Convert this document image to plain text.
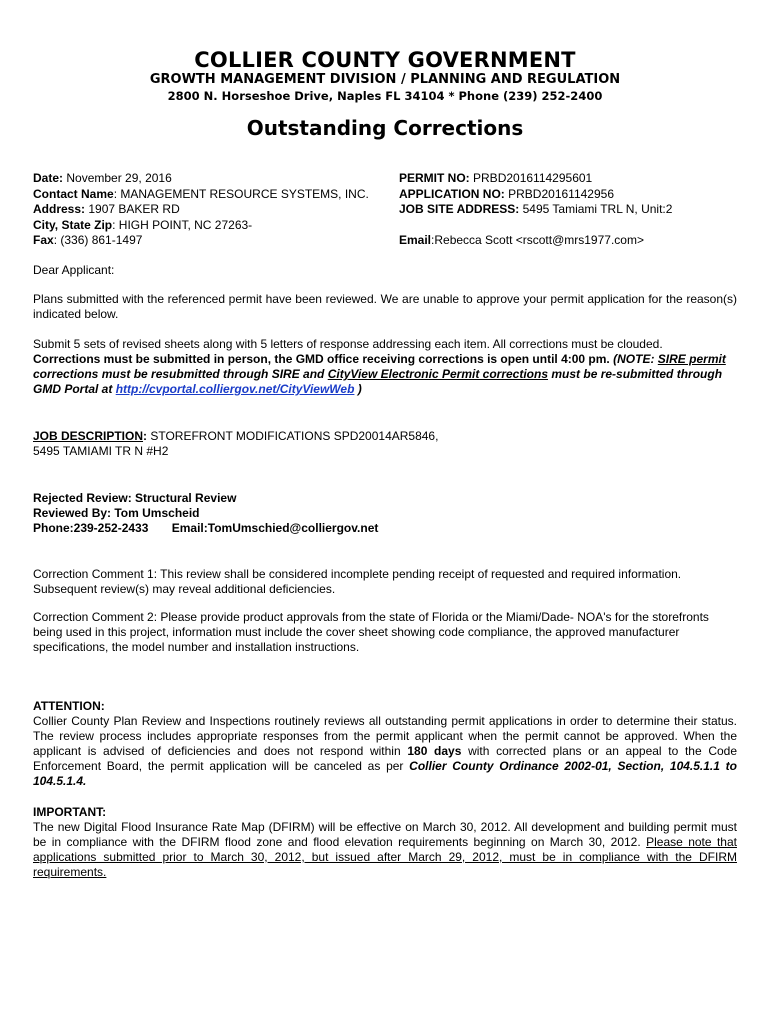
COLLIER COUNTY GOVERNMENT
GROWTH MANAGEMENT DIVISION / PLANNING AND REGULATION
2800 N. Horseshoe Drive, Naples FL 34104 * Phone (239) 252-2400
Outstanding Corrections
Date: November 29, 2016
Contact Name: MANAGEMENT RESOURCE SYSTEMS, INC.
Address: 1907 BAKER RD
City, State Zip: HIGH POINT, NC 27263-
Fax: (336) 861-1497
PERMIT NO: PRBD2016114295601
APPLICATION NO: PRBD20161142956
JOB SITE ADDRESS: 5495 Tamiami TRL N, Unit:2
Email:Rebecca Scott <rscott@mrs1977.com>
Dear Applicant:
Plans submitted with the referenced permit have been reviewed. We are unable to approve your permit application for the reason(s) indicated below.
Submit 5 sets of revised sheets along with 5 letters of response addressing each item. All corrections must be clouded.
Corrections must be submitted in person, the GMD office receiving corrections is open until 4:00 pm. (NOTE: SIRE permit corrections must be resubmitted through SIRE and CityView Electronic Permit corrections must be re-submitted through GMD Portal at http://cvportal.colliergov.net/CityViewWeb )
JOB DESCRIPTION: STOREFRONT MODIFICATIONS SPD20014AR5846,
5495 TAMIAMI TR N #H2
Rejected Review: Structural Review
Reviewed By: Tom Umscheid
Phone:239-252-2433 Email:TomUmschied@colliergov.net
Correction Comment 1: This review shall be considered incomplete pending receipt of requested and required information. Subsequent review(s) may reveal additional deficiencies.
Correction Comment 2: Please provide product approvals from the state of Florida or the Miami/Dade- NOA's for the storefronts being used in this project, information must include the cover sheet showing code compliance, the approved manufacturer specifications, the model number and installation instructions.
ATTENTION:

Collier County Plan Review and Inspections routinely reviews all outstanding permit applications in order to determine their status. The review process includes appropriate responses from the permit applicant when the permit cannot be approved. When the applicant is advised of deficiencies and does not respond within 180 days with corrected plans or an appeal to the Code Enforcement Board, the permit application will be canceled as per Collier County Ordinance 2002-01, Section, 104.5.1.1 to 104.5.1.4.

IMPORTANT:

The new Digital Flood Insurance Rate Map (DFIRM) will be effective on March 30, 2012. All development and building permit must be in compliance with the DFIRM flood zone and flood elevation requirements beginning on March 30, 2012. Please note that applications submitted prior to March 30, 2012, but issued after March 29, 2012, must be in compliance with the DFIRM requirements.
